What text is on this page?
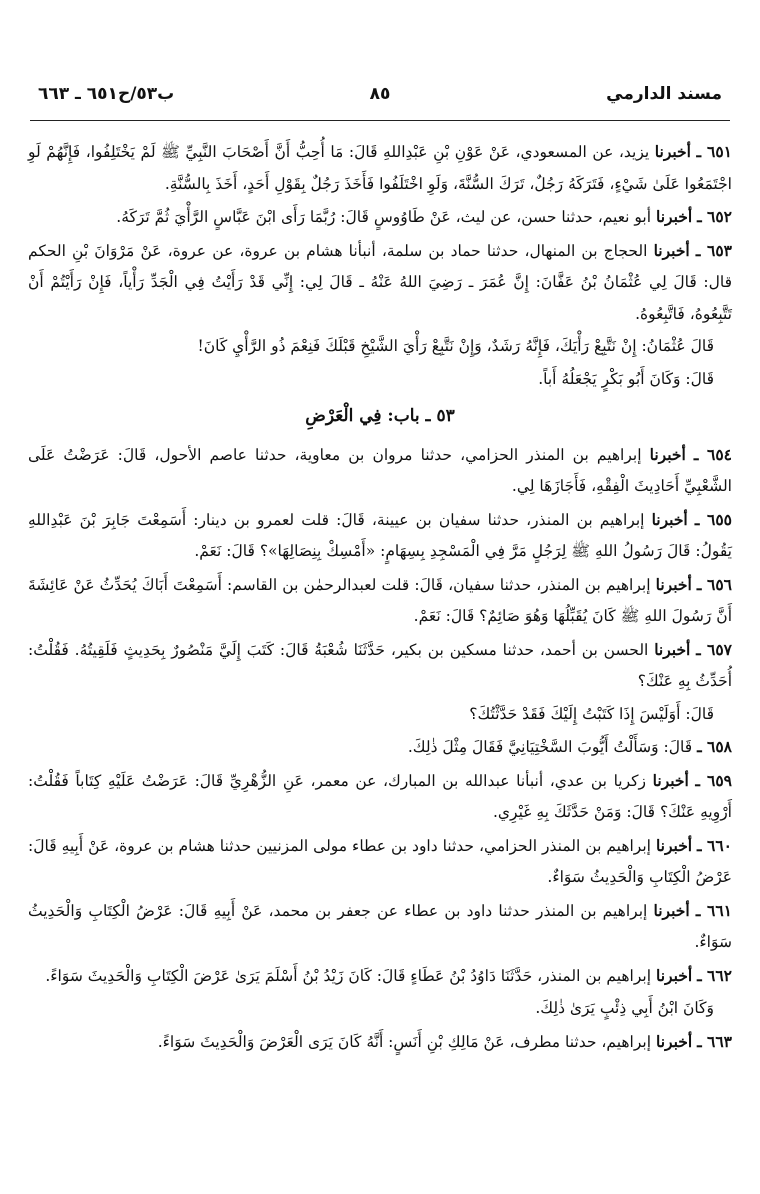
مسند الدارمي
٨٥
ب٥٣/ح٦٥١ ـ ٦٦٣

٦٥١ ـ أخبرنا يزيد، عن المسعودي، عَنْ عَوْنِ بْنِ عَبْدِاللهِ قَالَ: مَا أُحِبُّ أَنَّ أَصْحَابَ النَّبِيِّ ﷺ لَمْ يَخْتَلِفُوا، فَإِنَّهُمْ لَوِ اجْتَمَعُوا عَلَىٰ شَيْءٍ، فَتَرَكَهُ رَجُلٌ، تَرَكَ السُّنَّةَ، وَلَوِ اخْتَلَفُوا فَأَخَذَ رَجُلٌ بِقَوْلِ أَحَدٍ، أَخَذَ بِالسُّنَّةِ.

٦٥٢ ـ أخبرنا أبو نعيم، حدثنا حسن، عن ليث، عَنْ طَاوُوسٍ قَالَ: رُبَّمَا رَأَى ابْنَ عَبَّاسٍ الرَّأْيَ ثُمَّ تَرَكَهُ.

٦٥٣ ـ أخبرنا الحجاج بن المنهال، حدثنا حماد بن سلمة، أنبأنا هشام بن عروة، عن عروة، عَنْ مَرْوَانَ بْنِ الحكم قال: قَالَ لِي عُثْمَانُ بْنُ عَفَّانَ: إِنَّ عُمَرَ ـ رَضِيَ اللهُ عَنْهُ ـ قَالَ لِي: إِنِّي قَدْ رَأَيْتُ فِي الْجَدِّ رَأْياً، فَإِنْ رَأَيْتُمْ أَنْ تَتَّبِعُوهُ، فَاتَّبِعُوهُ.

قَالَ عُثْمَانُ: إِنْ نَتَّبِعْ رَأْيَكَ، فَإِنَّهُ رَشَدٌ، وَإِنْ نَتَّبِعْ رَأْيَ الشَّيْخِ قَبْلَكَ فَنِعْمَ ذُو الرَّأْيِ كَانَ!

قَالَ: وَكَانَ أَبُو بَكْرٍ يَجْعَلُهُ أَباً.

٥٣ ـ باب: فِي الْعَرْضِ

٦٥٤ ـ أخبرنا إبراهيم بن المنذر الحزامي، حدثنا مروان بن معاوية، حدثنا عاصم الأحول، قَالَ: عَرَضْتُ عَلَى الشَّعْبِيِّ أَحَادِيثَ الْفِقْهِ، فَأَجَازَهَا لِي.

٦٥٥ ـ أخبرنا إبراهيم بن المنذر، حدثنا سفيان بن عيينة، قَالَ: قلت لعمرو بن دينار: أَسَمِعْتَ جَابِرَ بْنَ عَبْدِاللهِ يَقُولُ: قَالَ رَسُولُ اللهِ ﷺ لِرَجُلٍ مَرَّ فِي الْمَسْجِدِ بِسِهَامٍ: «أَمْسِكْ بِنِصَالِهَا»؟ قَالَ: نَعَمْ.

٦٥٦ ـ أخبرنا إبراهيم بن المنذر، حدثنا سفيان، قَالَ: قلت لعبدالرحمٰن بن القاسم: أَسَمِعْتَ أَبَاكَ يُحَدِّثُ عَنْ عَائِشَةَ أَنَّ رَسُولَ اللهِ ﷺ كَانَ يُقَبِّلُهَا وَهُوَ صَائِمٌ؟ قَالَ: نَعَمْ.

٦٥٧ ـ أخبرنا الحسن بن أحمد، حدثنا مسكين بن بكير، حَدَّثَنَا شُعْبَةُ قَالَ: كَتَبَ إِلَيَّ مَنْصُورٌ بِحَدِيثٍ فَلَقِيتُهُ. فَقُلْتُ: أُحَدِّثُ بِهِ عَنْكَ؟

قَالَ: أَوَلَيْسَ إِذَا كَتَبْتُ إِلَيْكَ فَقَدْ حَدَّثْتُكَ؟

٦٥٨ ـ قَالَ: وَسَأَلْتُ أَيُّوبَ السَّخْتِيَانِيَّ فَقَالَ مِثْلَ ذٰلِكَ.

٦٥٩ ـ أخبرنا زكريا بن عدي، أنبأنا عبدالله بن المبارك، عن معمر، عَنِ الزُّهْرِيِّ قَالَ: عَرَضْتُ عَلَيْهِ كِتَاباً فَقُلْتُ: أَرْوِيهِ عَنْكَ؟ قَالَ: وَمَنْ حَدَّثَكَ بِهِ غَيْرِي.

٦٦٠ ـ أخبرنا إبراهيم بن المنذر الحزامي، حدثنا داود بن عطاء مولى المزنيين حدثنا هشام بن عروة، عَنْ أَبِيهِ قَالَ: عَرْضُ الْكِتَابِ وَالْحَدِيثُ سَوَاءٌ.

٦٦١ ـ أخبرنا إبراهيم بن المنذر حدثنا داود بن عطاء عن جعفر بن محمد، عَنْ أَبِيهِ قَالَ: عَرْضُ الْكِتَابِ وَالْحَدِيثُ سَوَاءٌ.

٦٦٢ ـ أخبرنا إبراهيم بن المنذر، حَدَّثَنَا دَاوُدُ بْنُ عَطَاءٍ قَالَ: كَانَ زَيْدُ بْنُ أَسْلَمَ يَرَىٰ عَرْضَ الْكِتَابِ وَالْحَدِيثَ سَوَاءً.

وَكَانَ ابْنُ أَبِي ذِئْبٍ يَرَىٰ ذٰلِكَ.

٦٦٣ ـ أخبرنا إبراهيم، حدثنا مطرف، عَنْ مَالِكِ بْنِ أَنَسٍ: أَنَّهُ كَانَ يَرَى الْعَرْضَ وَالْحَدِيثَ سَوَاءً.
